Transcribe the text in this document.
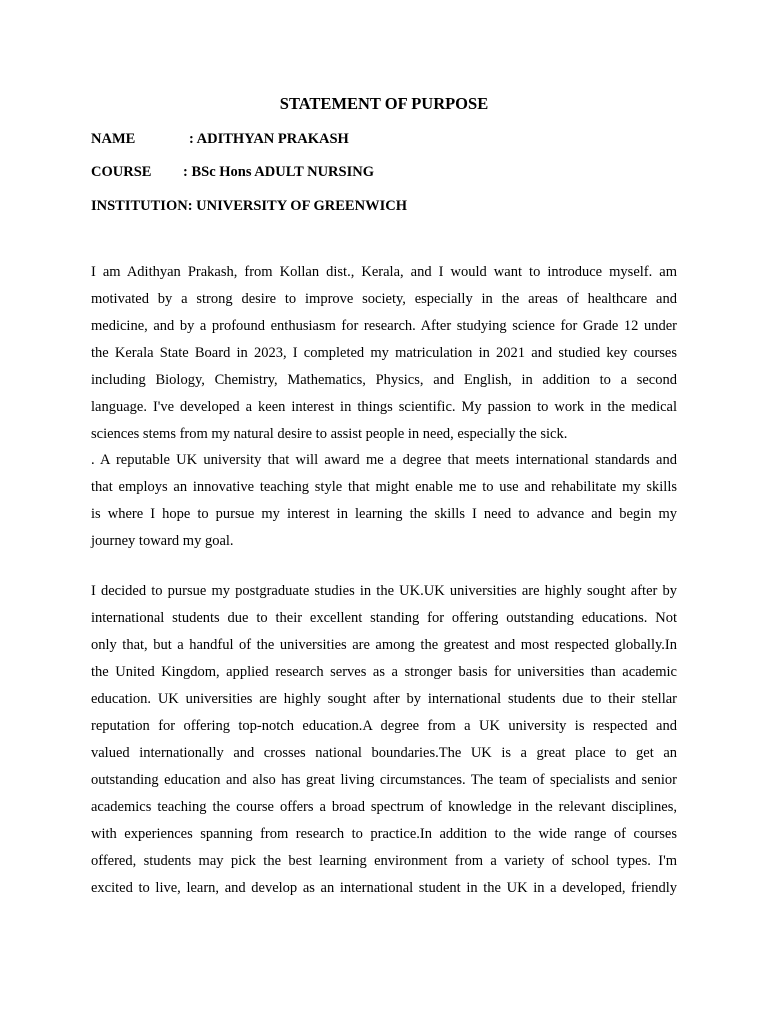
STATEMENT OF PURPOSE
NAME	: ADITHYAN PRAKASH
COURSE : BSc Hons ADULT NURSING
INSTITUTION: UNIVERSITY OF GREENWICH
I am Adithyan Prakash, from Kollan dist., Kerala, and I would want to introduce myself. am
motivated by a strong desire to improve society, especially in the areas of healthcare and
medicine, and by a profound enthusiasm for research. After studying science for Grade 12 under
the Kerala State Board in 2023, I completed my matriculation in 2021 and studied key courses
including Biology, Chemistry, Mathematics, Physics, and English, in addition to a second
language. I've developed a keen interest in things scientific. My passion to work in the medical
sciences stems from my natural desire to assist people in need, especially the sick.
. A reputable UK university that will award me a degree that meets international standards and
that employs an innovative teaching style that might enable me to use and rehabilitate my skills
is where I hope to pursue my interest in learning the skills I need to advance and begin my
journey toward my goal.
I decided to pursue my postgraduate studies in the UK.UK universities are highly sought after by
international students due to their excellent standing for offering outstanding educations. Not
only that, but a handful of the universities are among the greatest and most respected globally.In
the United Kingdom, applied research serves as a stronger basis for universities than academic
education. UK universities are highly sought after by international students due to their stellar
reputation for offering top-notch education.A degree from a UK university is respected and
valued internationally and crosses national boundaries.The UK is a great place to get an
outstanding education and also has great living circumstances. The team of specialists and senior
academics teaching the course offers a broad spectrum of knowledge in the relevant disciplines,
with experiences spanning from research to practice.In addition to the wide range of courses
offered, students may pick the best learning environment from a variety of school types. I'm
excited to live, learn, and develop as an international student in the UK in a developed, friendly
